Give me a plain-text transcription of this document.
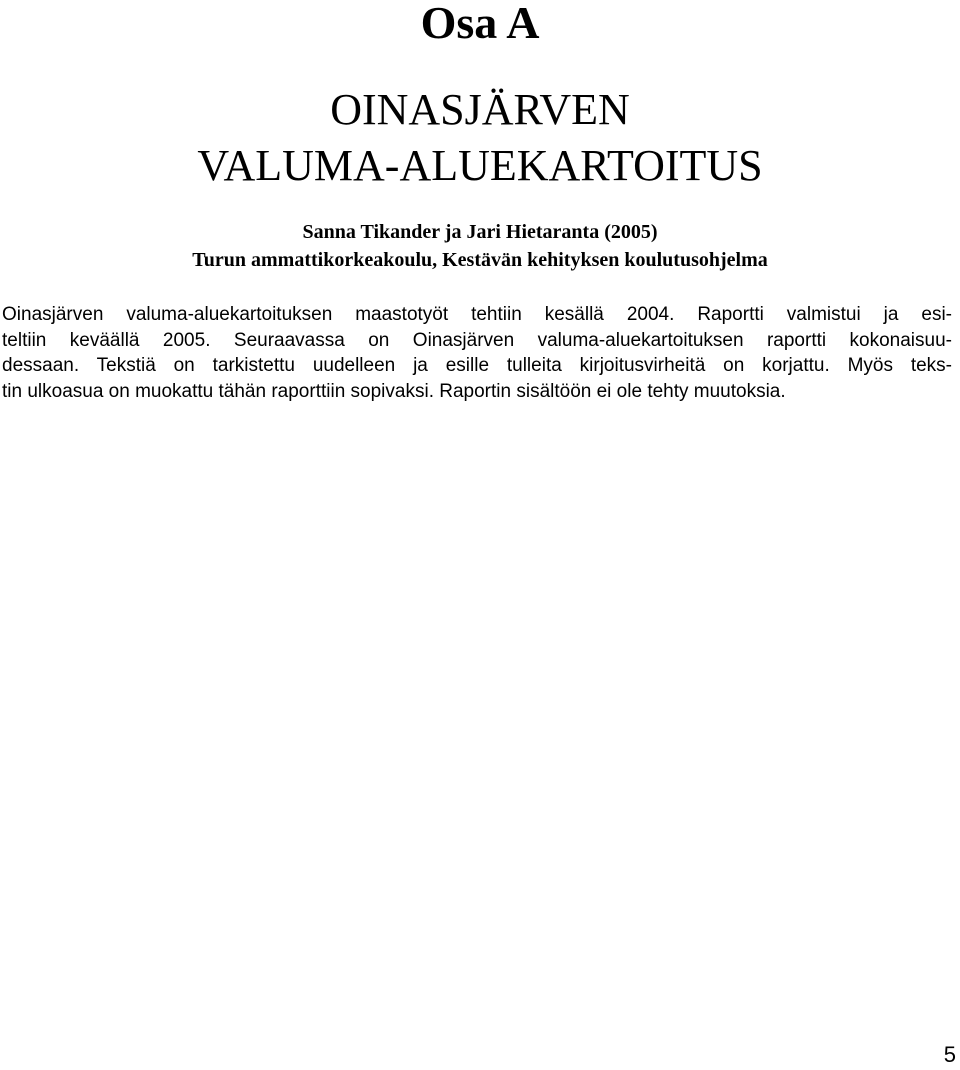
Osa A
OINASJÄRVEN
VALUMA-ALUEKARTOITUS
Sanna Tikander ja Jari Hietaranta (2005)
Turun ammattikorkeakoulu, Kestävän kehityksen koulutusohjelma
Oinasjärven valuma-aluekartoituksen maastotyöt tehtiin kesällä 2004. Raportti valmistui ja esi-
teltiin keväällä 2005. Seuraavassa on Oinasjärven valuma-aluekartoituksen raportti kokonaisuu-
dessaan. Tekstiä on tarkistettu uudelleen ja esille tulleita kirjoitusvirheitä on korjattu. Myös teks-
tin ulkoasua on muokattu tähän raporttiin sopivaksi. Raportin sisältöön ei ole tehty muutoksia.
5
